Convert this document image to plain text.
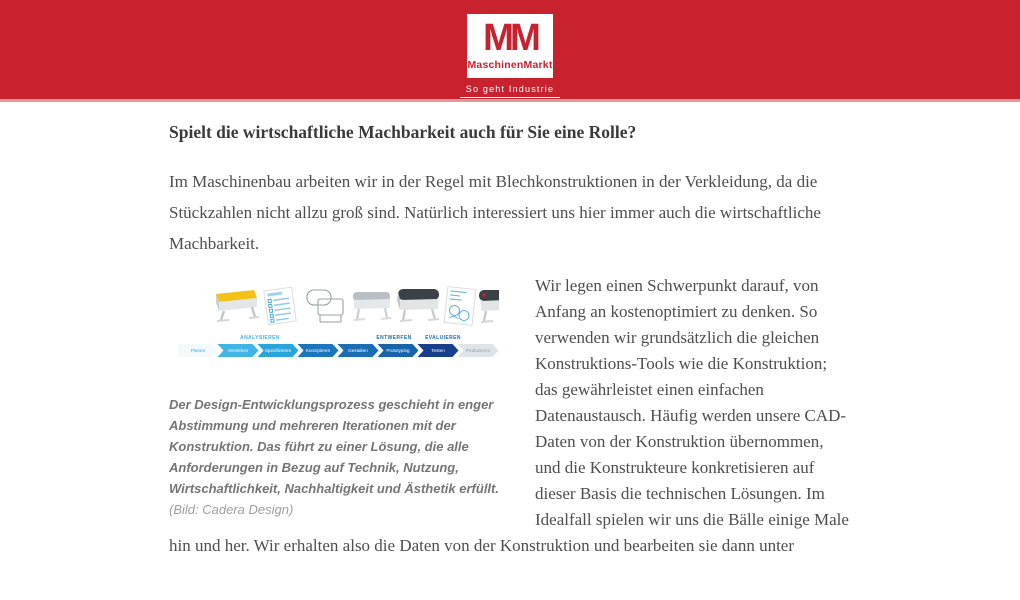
MM
MaschinenMarkt
So geht Industrie
Spielt die wirtschaftliche Machbarkeit auch für Sie eine Rolle?

Im Maschinenbau arbeiten wir in der Regel mit Blechkonstruktionen in der Verkleidung, da die Stückzahlen nicht allzu groß sind. Natürlich interessiert uns hier immer auch die wirtschaftliche Machbarkeit.

ANALYSIEREN	ENTWERFEN	EVALUIEREN
Planen	Verstehen	Spezifizieren	Konzipieren	Gestalten	Prototyping	Testen	Produzieren
Der Design-Entwicklungsprozess geschieht in enger Abstimmung und mehreren Iterationen mit der Konstruktion. Das führt zu einer Lösung, die alle Anforderungen in Bezug auf Technik, Nutzung, Wirtschaftlichkeit, Nachhaltigkeit und Ästhetik erfüllt.
(Bild: Cadera Design)

Wir legen einen Schwerpunkt darauf, von Anfang an kostenoptimiert zu denken. So verwenden wir grundsätzlich die gleichen Konstruktions-Tools wie die Konstruktion; das gewährleistet einen einfachen Datenaustausch. Häufig werden unsere CAD-Daten von der Konstruktion übernommen, und die Konstrukteure konkretisieren auf dieser Basis die technischen Lösungen. Im Idealfall spielen wir uns die Bälle einige Male hin und her. Wir erhalten also die Daten von der Konstruktion und bearbeiten sie dann unter
